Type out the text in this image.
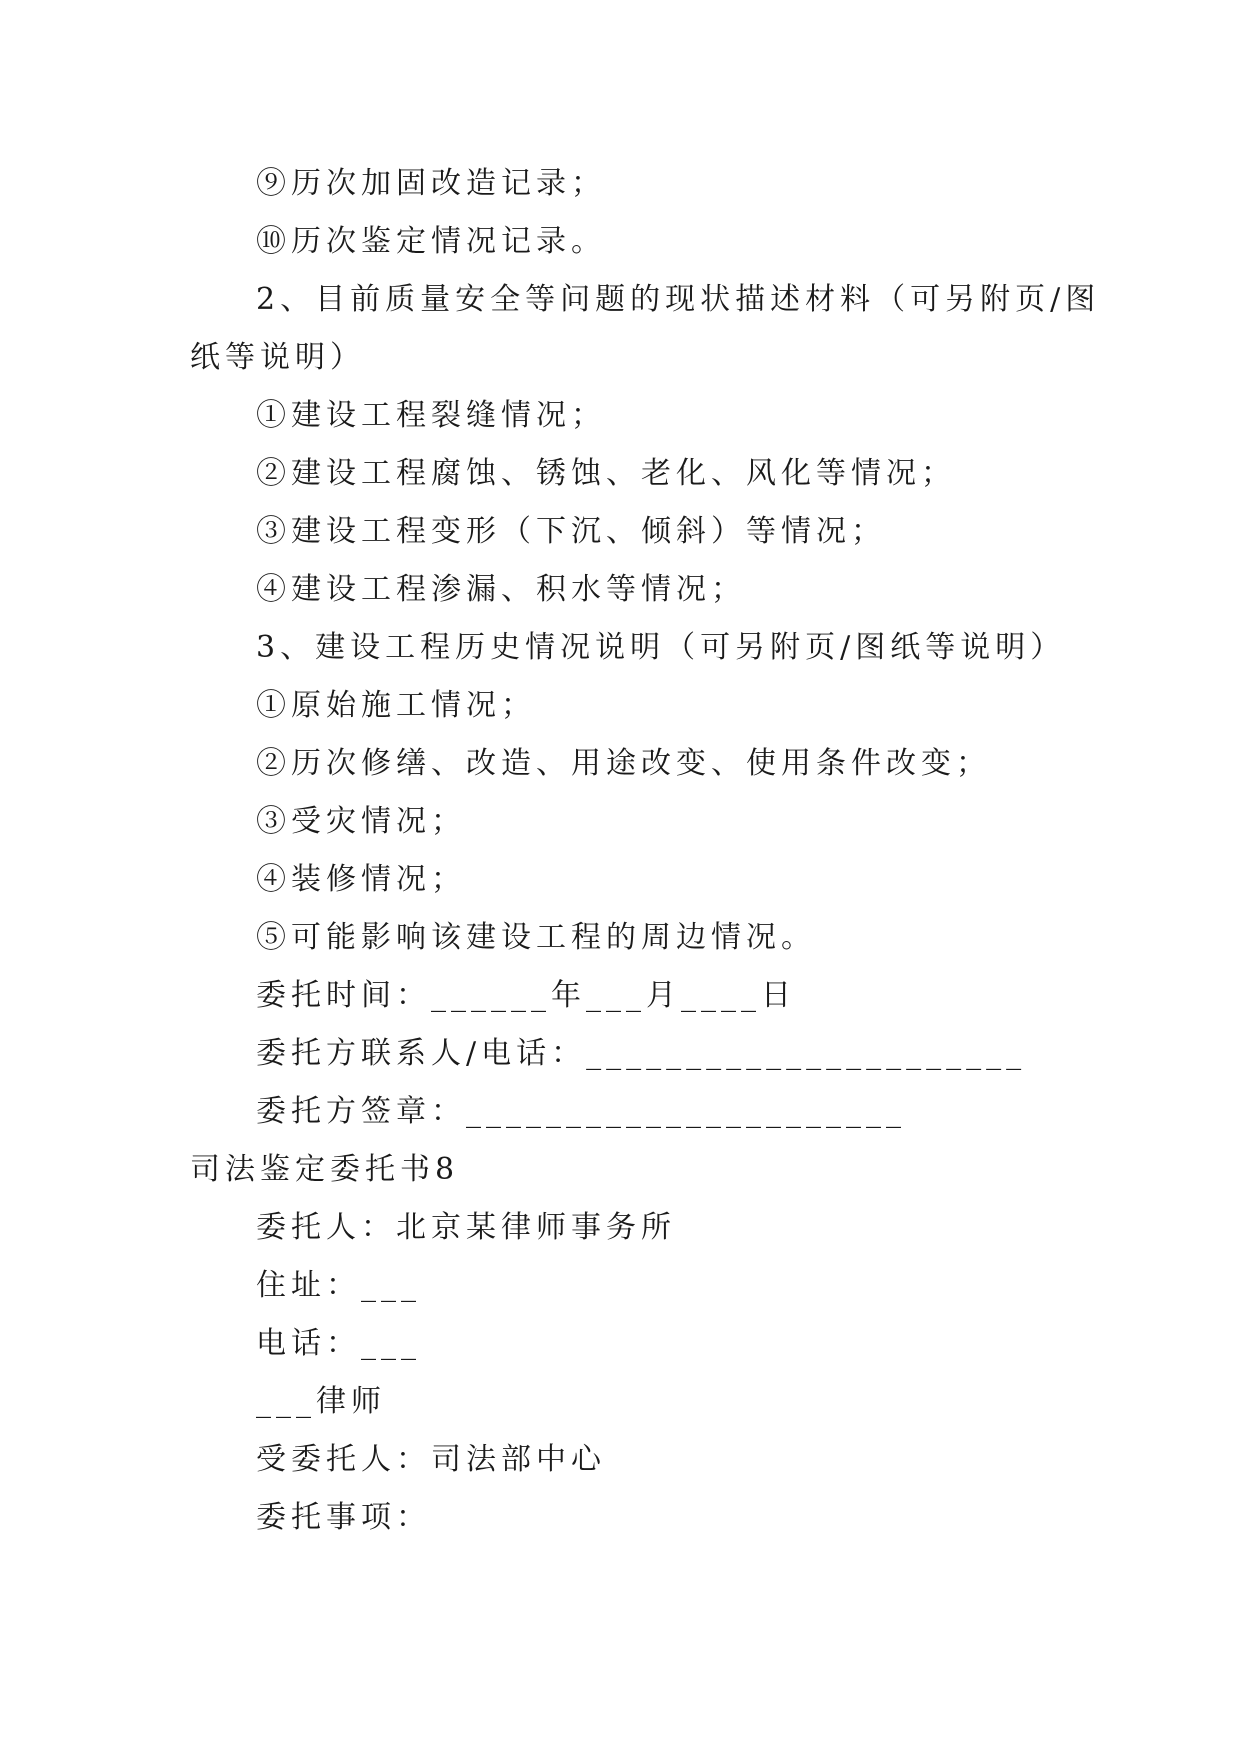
⑨历次加固改造记录；
⑩历次鉴定情况记录。
2、目前质量安全等问题的现状描述材料（可另附页/图
纸等说明）
①建设工程裂缝情况；
②建设工程腐蚀、锈蚀、老化、风化等情况；
③建设工程变形（下沉、倾斜）等情况；
④建设工程渗漏、积水等情况；
3、建设工程历史情况说明（可另附页/图纸等说明）
①原始施工情况；
②历次修缮、改造、用途改变、使用条件改变；
③受灾情况；
④装修情况；
⑤可能影响该建设工程的周边情况。
委托时间：______年___月____日
委托方联系人/电话：______________________
委托方签章：______________________
司法鉴定委托书8
委托人：北京某律师事务所
住址：___
电话：___
___律师
受委托人：司法部中心
委托事项：
